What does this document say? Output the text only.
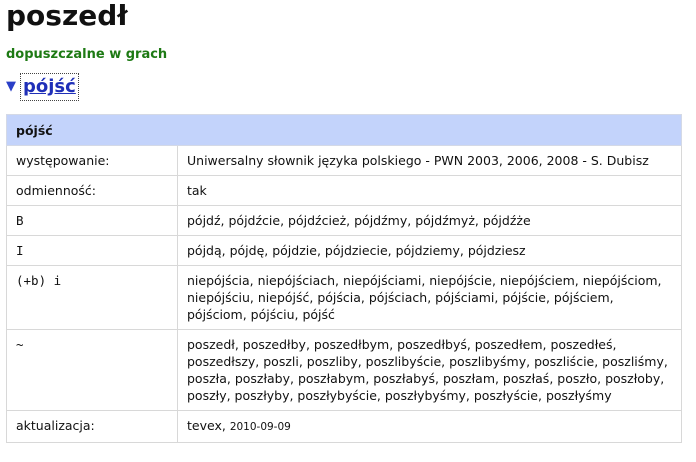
poszedł
dopuszczalne w grach
▼ pójść
pójść	
występowanie:	Uniwersalny słownik języka polskiego - PWN 2003, 2006, 2008 - S. Dubisz
odmienność:	tak
B	pójdź, pójdźcie, pójdźcież, pójdźmy, pójdźmyż, pójdźże
I	pójdą, pójdę, pójdzie, pójdziecie, pójdziemy, pójdziesz
(+b) i	niepójścia, niepójściach, niepójściami, niepójście, niepójściem, niepójściom, niepójściu, niepójść, pójścia, pójściach, pójściami, pójście, pójściem, pójściom, pójściu, pójść
~	poszedł, poszedłby, poszedłbym, poszedłbyś, poszedłem, poszedłeś, poszedłszy, poszli, poszliby, poszlibyście, poszlibyśmy, poszliście, poszliśmy, poszła, poszłaby, poszłabym, poszłabyś, poszłam, poszłaś, poszło, poszłoby, poszły, poszłyby, poszłybyście, poszłybyśmy, poszłyście, poszłyśmy
aktualizacja:	tevex, 2010-09-09
